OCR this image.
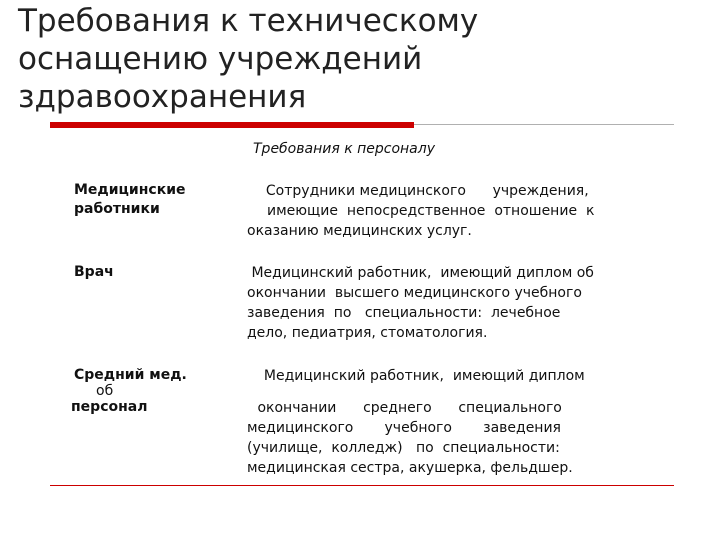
Требования к техническому
оснащению учреждений
здравоохранения
Требования к персоналу
Медицинские
работники
Сотрудники медицинского      учреждения,
имеющие  непосредственное  отношение  к
оказанию медицинских услуг.
Врач	Медицинский работник,  имеющий диплом об
окончании  высшего медицинского учебного
заведения  по   специальности:  лечебное
дело, педиатрия, стоматология.
Средний мед.
об
персонал
Медицинский работник,  имеющий диплом
окончании      среднего      специального
медицинского       учебного       заведения
(училище,  колледж)   по  специальности:
медицинская сестра, акушерка, фельдшер.
